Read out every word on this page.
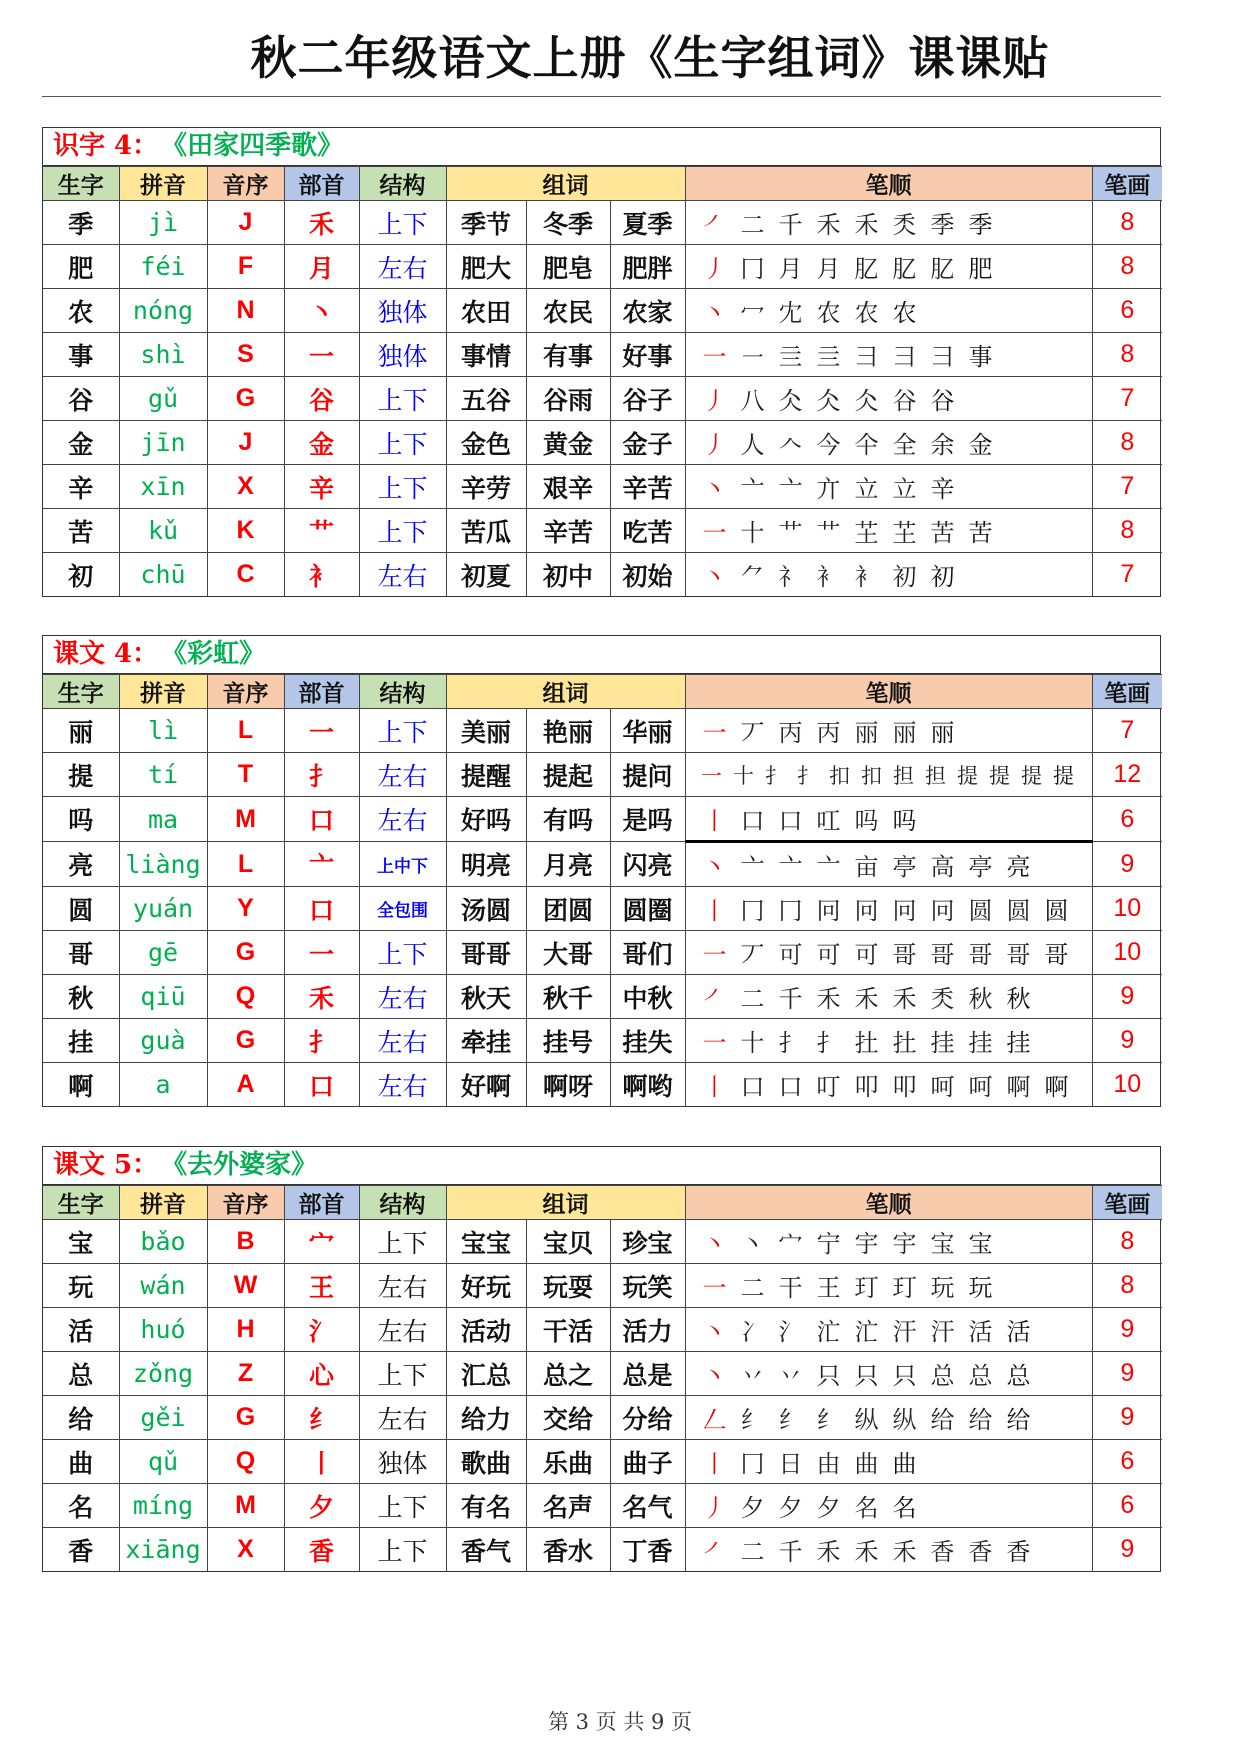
秋二年级语文上册《生字组词》课课贴
识字 4： 《田家四季歌》
生字	拼音	音序	部首	结构	组词			笔顺	笔画
季	jì	J	禾	上下	季节	冬季	夏季	㇒ 二 千 禾 禾 秂 季 季	8
肥	féi	F	月	左右	肥大	肥皂	肥胖	丿 冂 月 月 肊 肊 肊 肥	8
农	nóng	N	丶	独体	农田	农民	农家	丶 冖 冘 农 农 农	6
事	shì	S	一	独体	事情	有事	好事	一 ㇐ 亖 亖 彐 彐 彐 事	8
谷	gǔ	G	谷	上下	五谷	谷雨	谷子	丿 八 仌 仌 仌 谷 谷	7
金	jīn	J	金	上下	金色	黄金	金子	丿 人 𠆢 今 仐 全 余 金	8
辛	xīn	X	辛	上下	辛劳	艰辛	辛苦	丶 亠 亠 亣 立 立 辛	7
苦	kǔ	K	艹	上下	苦瓜	辛苦	吃苦	一 十 艹 艹 芏 芏 苦 苦	8
初	chū	C	衤	左右	初夏	初中	初始	丶 ⺈ 礻 衤 衤 初 初	7
课文 4： 《彩虹》
生字	拼音	音序	部首	结构	组词			笔顺	笔画
丽	lì	L	一	上下	美丽	艳丽	华丽	一 丆 丙 丙 丽 丽 丽	7
提	tí	T	扌	左右	提醒	提起	提问	一 十 扌 扌 扣 扣 担 担 提 提 提 提	12
吗	ma	M	口	左右	好吗	有吗	是吗	丨 口 口 叿 吗 吗	6
亮	liàng	L	亠	上中下	明亮	月亮	闪亮	丶 亠 亠 亠 亩 亭 高 亭 亮	9
圆	yuán	Y	口	全包围	汤圆	团圆	圆圈	丨 冂 冂 冋 冋 冋 冋 圆 圆 圆	10
哥	gē	G	一	上下	哥哥	大哥	哥们	一 丆 可 可 可 哥 哥 哥 哥 哥	10
秋	qiū	Q	禾	左右	秋天	秋千	中秋	㇒ 二 千 禾 禾 禾 秂 秋 秋	9
挂	guà	G	扌	左右	牵挂	挂号	挂失	一 十 扌 扌 扗 扗 挂 挂 挂	9
啊	a	A	口	左右	好啊	啊呀	啊哟	丨 口 口 叮 叩 叩 呵 呵 啊 啊	10
课文 5： 《去外婆家》
生字	拼音	音序	部首	结构	组词			笔顺	笔画
宝	bǎo	B	宀	上下	宝宝	宝贝	珍宝	丶 丶 宀 宁 宇 宇 宝 宝	8
玩	wán	W	王	左右	好玩	玩耍	玩笑	一 二 干 王 玎 玎 玩 玩	8
活	huó	H	氵	左右	活动	干活	活力	丶 冫 氵 汒 汒 汗 汗 活 活	9
总	zǒng	Z	心	上下	汇总	总之	总是	丶 丷 丷 只 只 只 总 总 总	9
给	gěi	G	纟	左右	给力	交给	分给	𠃋 纟 纟 纟 纵 纵 给 给 给	9
曲	qǔ	Q	丨	独体	歌曲	乐曲	曲子	丨 冂 日 由 曲 曲	6
名	míng	M	夕	上下	有名	名声	名气	丿 夕 夕 夕 名 名	6
香	xiāng	X	香	上下	香气	香水	丁香	㇒ 二 千 禾 禾 禾 香 香 香	9
第 3 页 共 9 页
